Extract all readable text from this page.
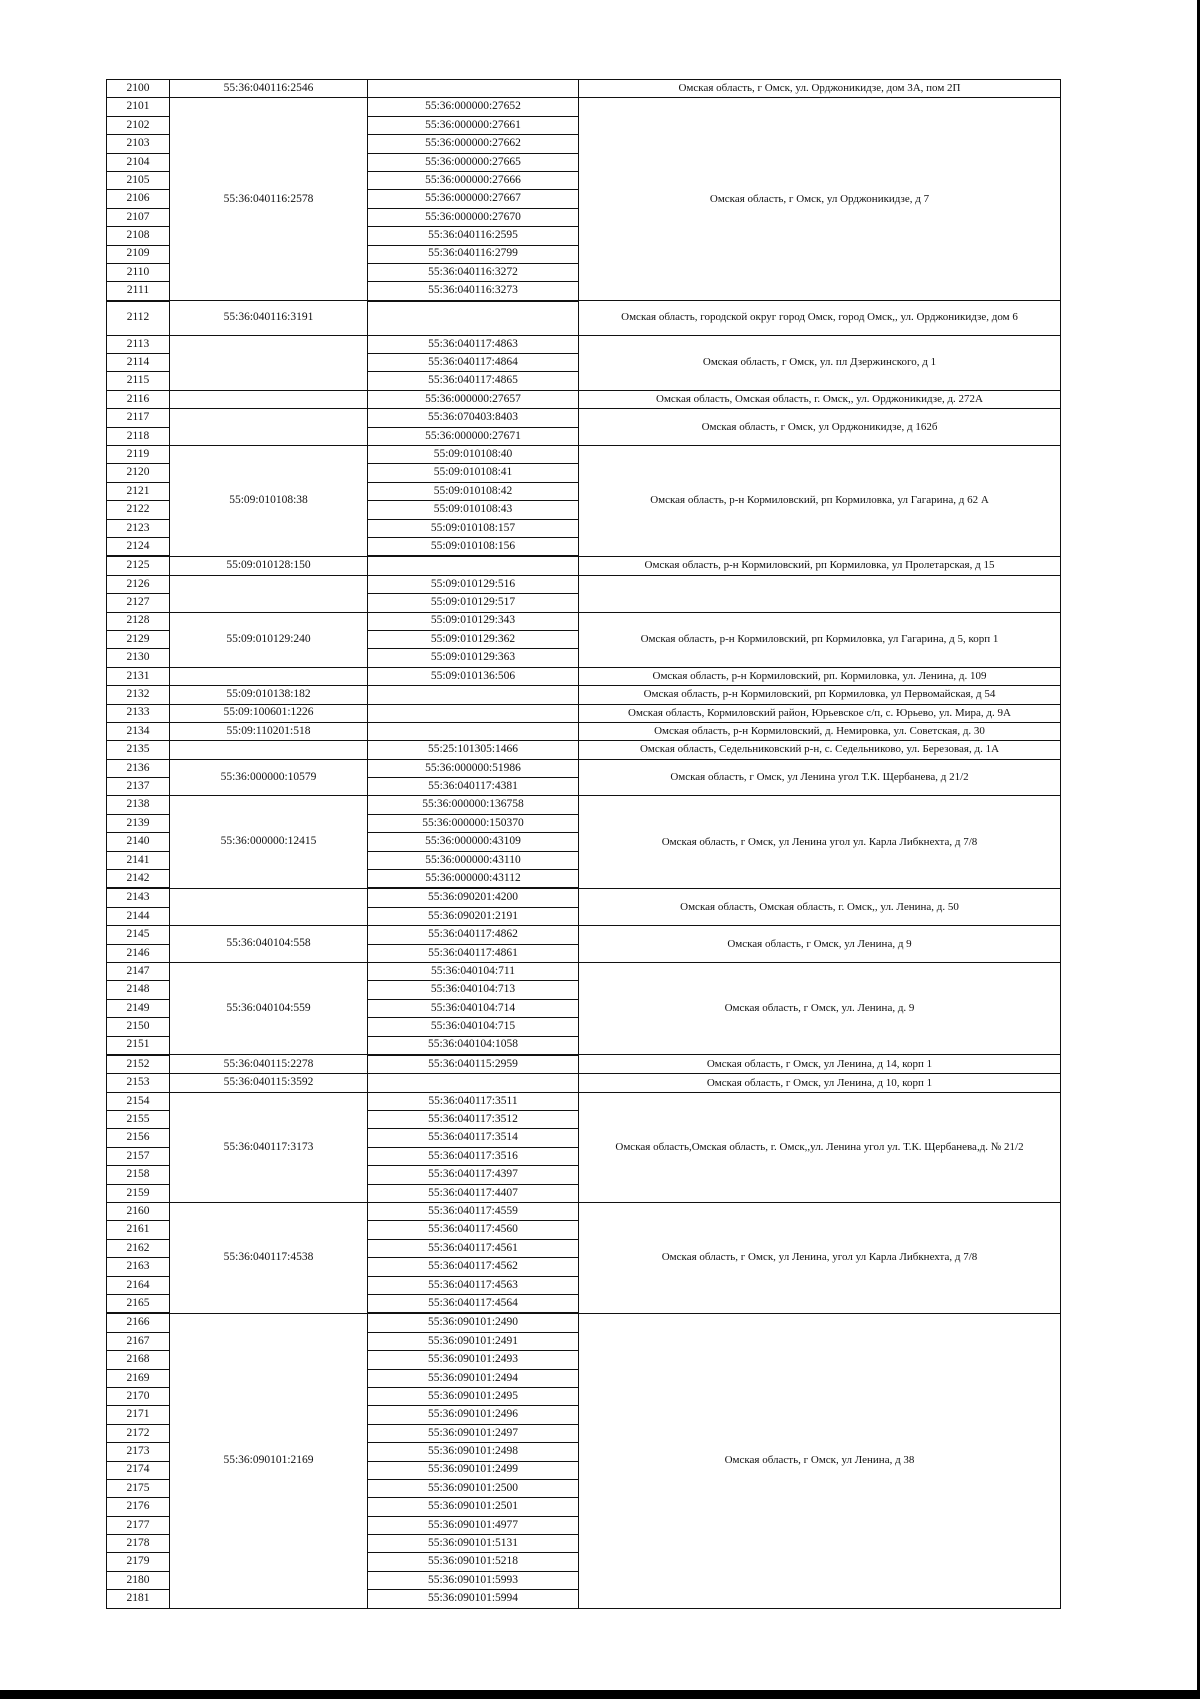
2100	55:36:040116:2546		Омская область, г Омск, ул. Орджоникидзе, дом 3А, пом 2П
2101	55:36:040116:2578	55:36:000000:27652	Омская область, г Омск, ул Орджоникидзе, д 7
2102		55:36:000000:27661	
2103		55:36:000000:27662	
2104		55:36:000000:27665	
2105		55:36:000000:27666	
2106		55:36:000000:27667	
2107		55:36:000000:27670	
2108		55:36:040116:2595	
2109		55:36:040116:2799	
2110		55:36:040116:3272	
2111		55:36:040116:3273	
2112	55:36:040116:3191		Омская область, городской округ город Омск, город Омск,, ул. Орджоникидзе, дом 6
2113		55:36:040117:4863	Омская область, г Омск, ул. пл Дзержинского, д 1
2114		55:36:040117:4864	
2115		55:36:040117:4865	
2116		55:36:000000:27657	Омская область, Омская область, г. Омск,, ул. Орджоникидзе, д. 272А
2117		55:36:070403:8403	Омская область, г Омск, ул Орджоникидзе, д 162б
2118		55:36:000000:27671	
2119	55:09:010108:38	55:09:010108:40	Омская область, р-н Кормиловский, рп Кормиловка, ул Гагарина, д 62 А
2120		55:09:010108:41	
2121		55:09:010108:42	
2122		55:09:010108:43	
2123		55:09:010108:157	
2124		55:09:010108:156	
2125	55:09:010128:150		Омская область, р-н Кормиловский, рп Кормиловка, ул Пролетарская, д 15
2126		55:09:010129:516	
2127		55:09:010129:517	
2128	55:09:010129:240	55:09:010129:343	Омская область, р-н Кормиловский, рп Кормиловка, ул Гагарина, д 5, корп 1
2129		55:09:010129:362	
2130		55:09:010129:363	
2131		55:09:010136:506	Омская область, р-н Кормиловский, рп. Кормиловка, ул. Ленина, д. 109
2132	55:09:010138:182		Омская область, р-н Кормиловский, рп Кормиловка, ул Первомайская, д 54
2133	55:09:100601:1226		Омская область, Кормиловский район, Юрьевское с/п, с. Юрьево, ул. Мира, д. 9А
2134	55:09:110201:518		Омская область, р-н Кормиловский, д. Немировка, ул. Советская, д. 30
2135		55:25:101305:1466	Омская область, Седельниковский р-н, с. Седельниково, ул. Березовая, д. 1А
2136	55:36:000000:10579	55:36:000000:51986	Омская область, г Омск, ул Ленина угол Т.К. Щербанева, д 21/2
2137		55:36:040117:4381	
2138	55:36:000000:12415	55:36:000000:136758	Омская область, г Омск, ул Ленина угол ул. Карла Либкнехта, д 7/8
2139		55:36:000000:150370	
2140		55:36:000000:43109	
2141		55:36:000000:43110	
2142		55:36:000000:43112	
2143		55:36:090201:4200	Омская область, Омская область, г. Омск,, ул. Ленина, д. 50
2144		55:36:090201:2191	
2145	55:36:040104:558	55:36:040117:4862	Омская область, г Омск, ул Ленина, д 9
2146		55:36:040117:4861	
2147	55:36:040104:559	55:36:040104:711	Омская область, г Омск, ул. Ленина, д. 9
2148		55:36:040104:713	
2149		55:36:040104:714	
2150		55:36:040104:715	
2151		55:36:040104:1058	
2152	55:36:040115:2278	55:36:040115:2959	Омская область, г Омск, ул Ленина, д 14, корп 1
2153	55:36:040115:3592		Омская область, г Омск, ул Ленина, д 10, корп 1
2154	55:36:040117:3173	55:36:040117:3511	Омская область,Омская область, г. Омск,,ул. Ленина угол ул. Т.К. Щербанева,д. № 21/2
2155		55:36:040117:3512	
2156		55:36:040117:3514	
2157		55:36:040117:3516	
2158		55:36:040117:4397	
2159		55:36:040117:4407	
2160	55:36:040117:4538	55:36:040117:4559	Омская область, г Омск, ул Ленина, угол ул Карла Либкнехта, д 7/8
2161		55:36:040117:4560	
2162		55:36:040117:4561	
2163		55:36:040117:4562	
2164		55:36:040117:4563	
2165		55:36:040117:4564	
2166	55:36:090101:2169	55:36:090101:2490	Омская область, г Омск, ул Ленина, д 38
2167		55:36:090101:2491	
2168		55:36:090101:2493	
2169		55:36:090101:2494	
2170		55:36:090101:2495	
2171		55:36:090101:2496	
2172		55:36:090101:2497	
2173		55:36:090101:2498	
2174		55:36:090101:2499	
2175		55:36:090101:2500	
2176		55:36:090101:2501	
2177		55:36:090101:4977	
2178		55:36:090101:5131	
2179		55:36:090101:5218	
2180		55:36:090101:5993	
2181		55:36:090101:5994	
